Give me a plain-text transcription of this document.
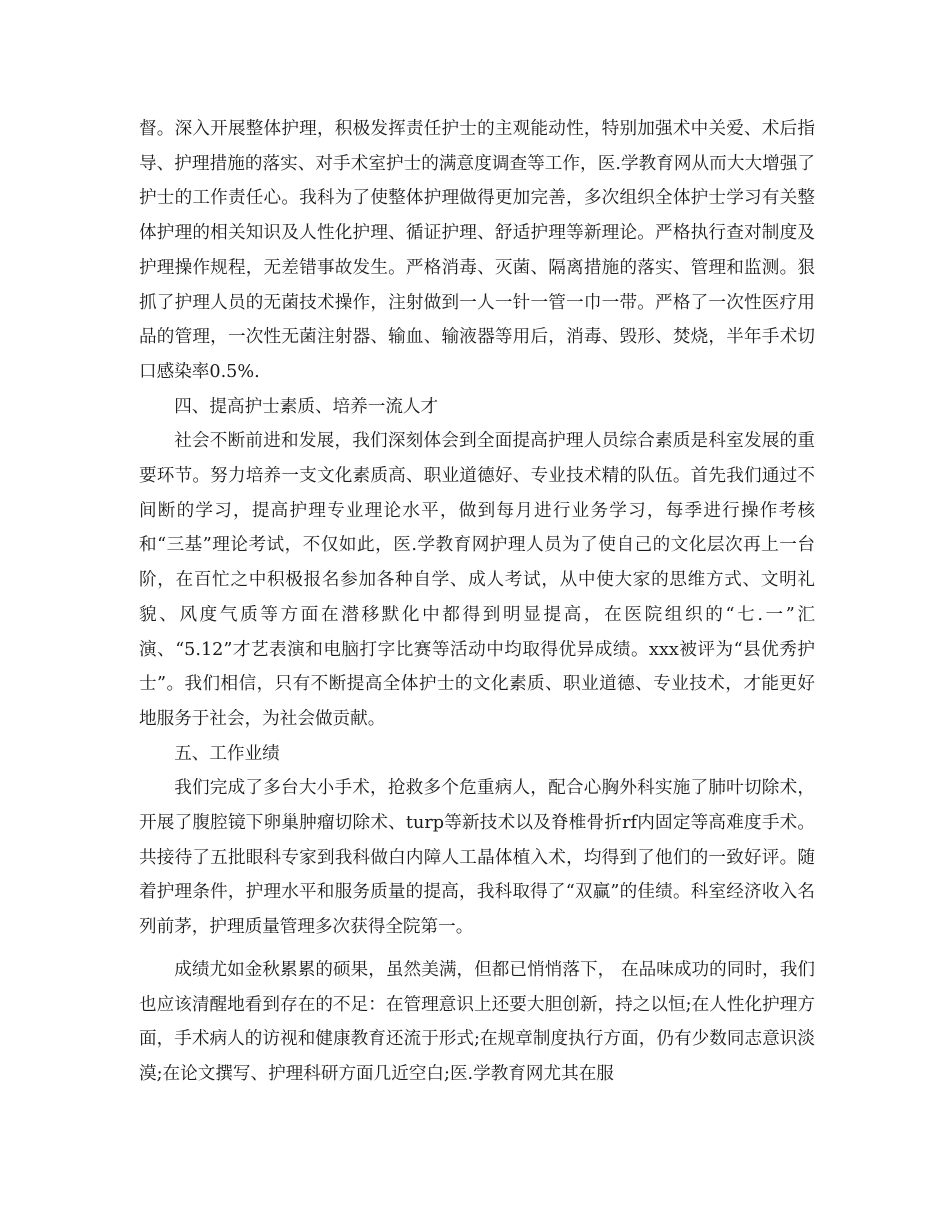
督。深入开展整体护理，积极发挥责任护士的主观能动性，特别加强术中关爱、术后指导、护理措施的落实、对手术室护士的满意度调查等工作，医.学教育网从而大大增强了护士的工作责任心。我科为了使整体护理做得更加完善，多次组织全体护士学习有关整体护理的相关知识及人性化护理、循证护理、舒适护理等新理论。严格执行查对制度及护理操作规程，无差错事故发生。严格消毒、灭菌、隔离措施的落实、管理和监测。狠抓了护理人员的无菌技术操作，注射做到一人一针一管一巾一带。严格了一次性医疗用品的管理，一次性无菌注射器、输血、输液器等用后，消毒、毁形、焚烧，半年手术切口感染率0.5%.

四、提高护士素质、培养一流人才

社会不断前进和发展，我们深刻体会到全面提高护理人员综合素质是科室发展的重要环节。努力培养一支文化素质高、职业道德好、专业技术精的队伍。首先我们通过不间断的学习，提高护理专业理论水平，做到每月进行业务学习，每季进行操作考核和“三基”理论考试，不仅如此，医.学教育网护理人员为了使自己的文化层次再上一台阶，在百忙之中积极报名参加各种自学、成人考试，从中使大家的思维方式、文明礼貌、风度气质等方面在潜移默化中都得到明显提高，在医院组织的“七.一”汇演、“5.12”才艺表演和电脑打字比赛等活动中均取得优异成绩。xxx被评为“县优秀护士”。我们相信，只有不断提高全体护士的文化素质、职业道德、专业技术，才能更好地服务于社会，为社会做贡献。

五、工作业绩

我们完成了多台大小手术，抢救多个危重病人，配合心胸外科实施了肺叶切除术，开展了腹腔镜下卵巢肿瘤切除术、turp等新技术以及脊椎骨折rf内固定等高难度手术。共接待了五批眼科专家到我科做白内障人工晶体植入术，均得到了他们的一致好评。随着护理条件，护理水平和服务质量的提高，我科取得了“双赢”的佳绩。科室经济收入名列前茅，护理质量管理多次获得全院第一。

成绩尤如金秋累累的硕果，虽然美满，但都已悄悄落下， 在品味成功的同时，我们也应该清醒地看到存在的不足：在管理意识上还要大胆创新，持之以恒;在人性化护理方面，手术病人的访视和健康教育还流于形式;在规章制度执行方面，仍有少数同志意识淡漠;在论文撰写、护理科研方面几近空白;医.学教育网尤其在服
